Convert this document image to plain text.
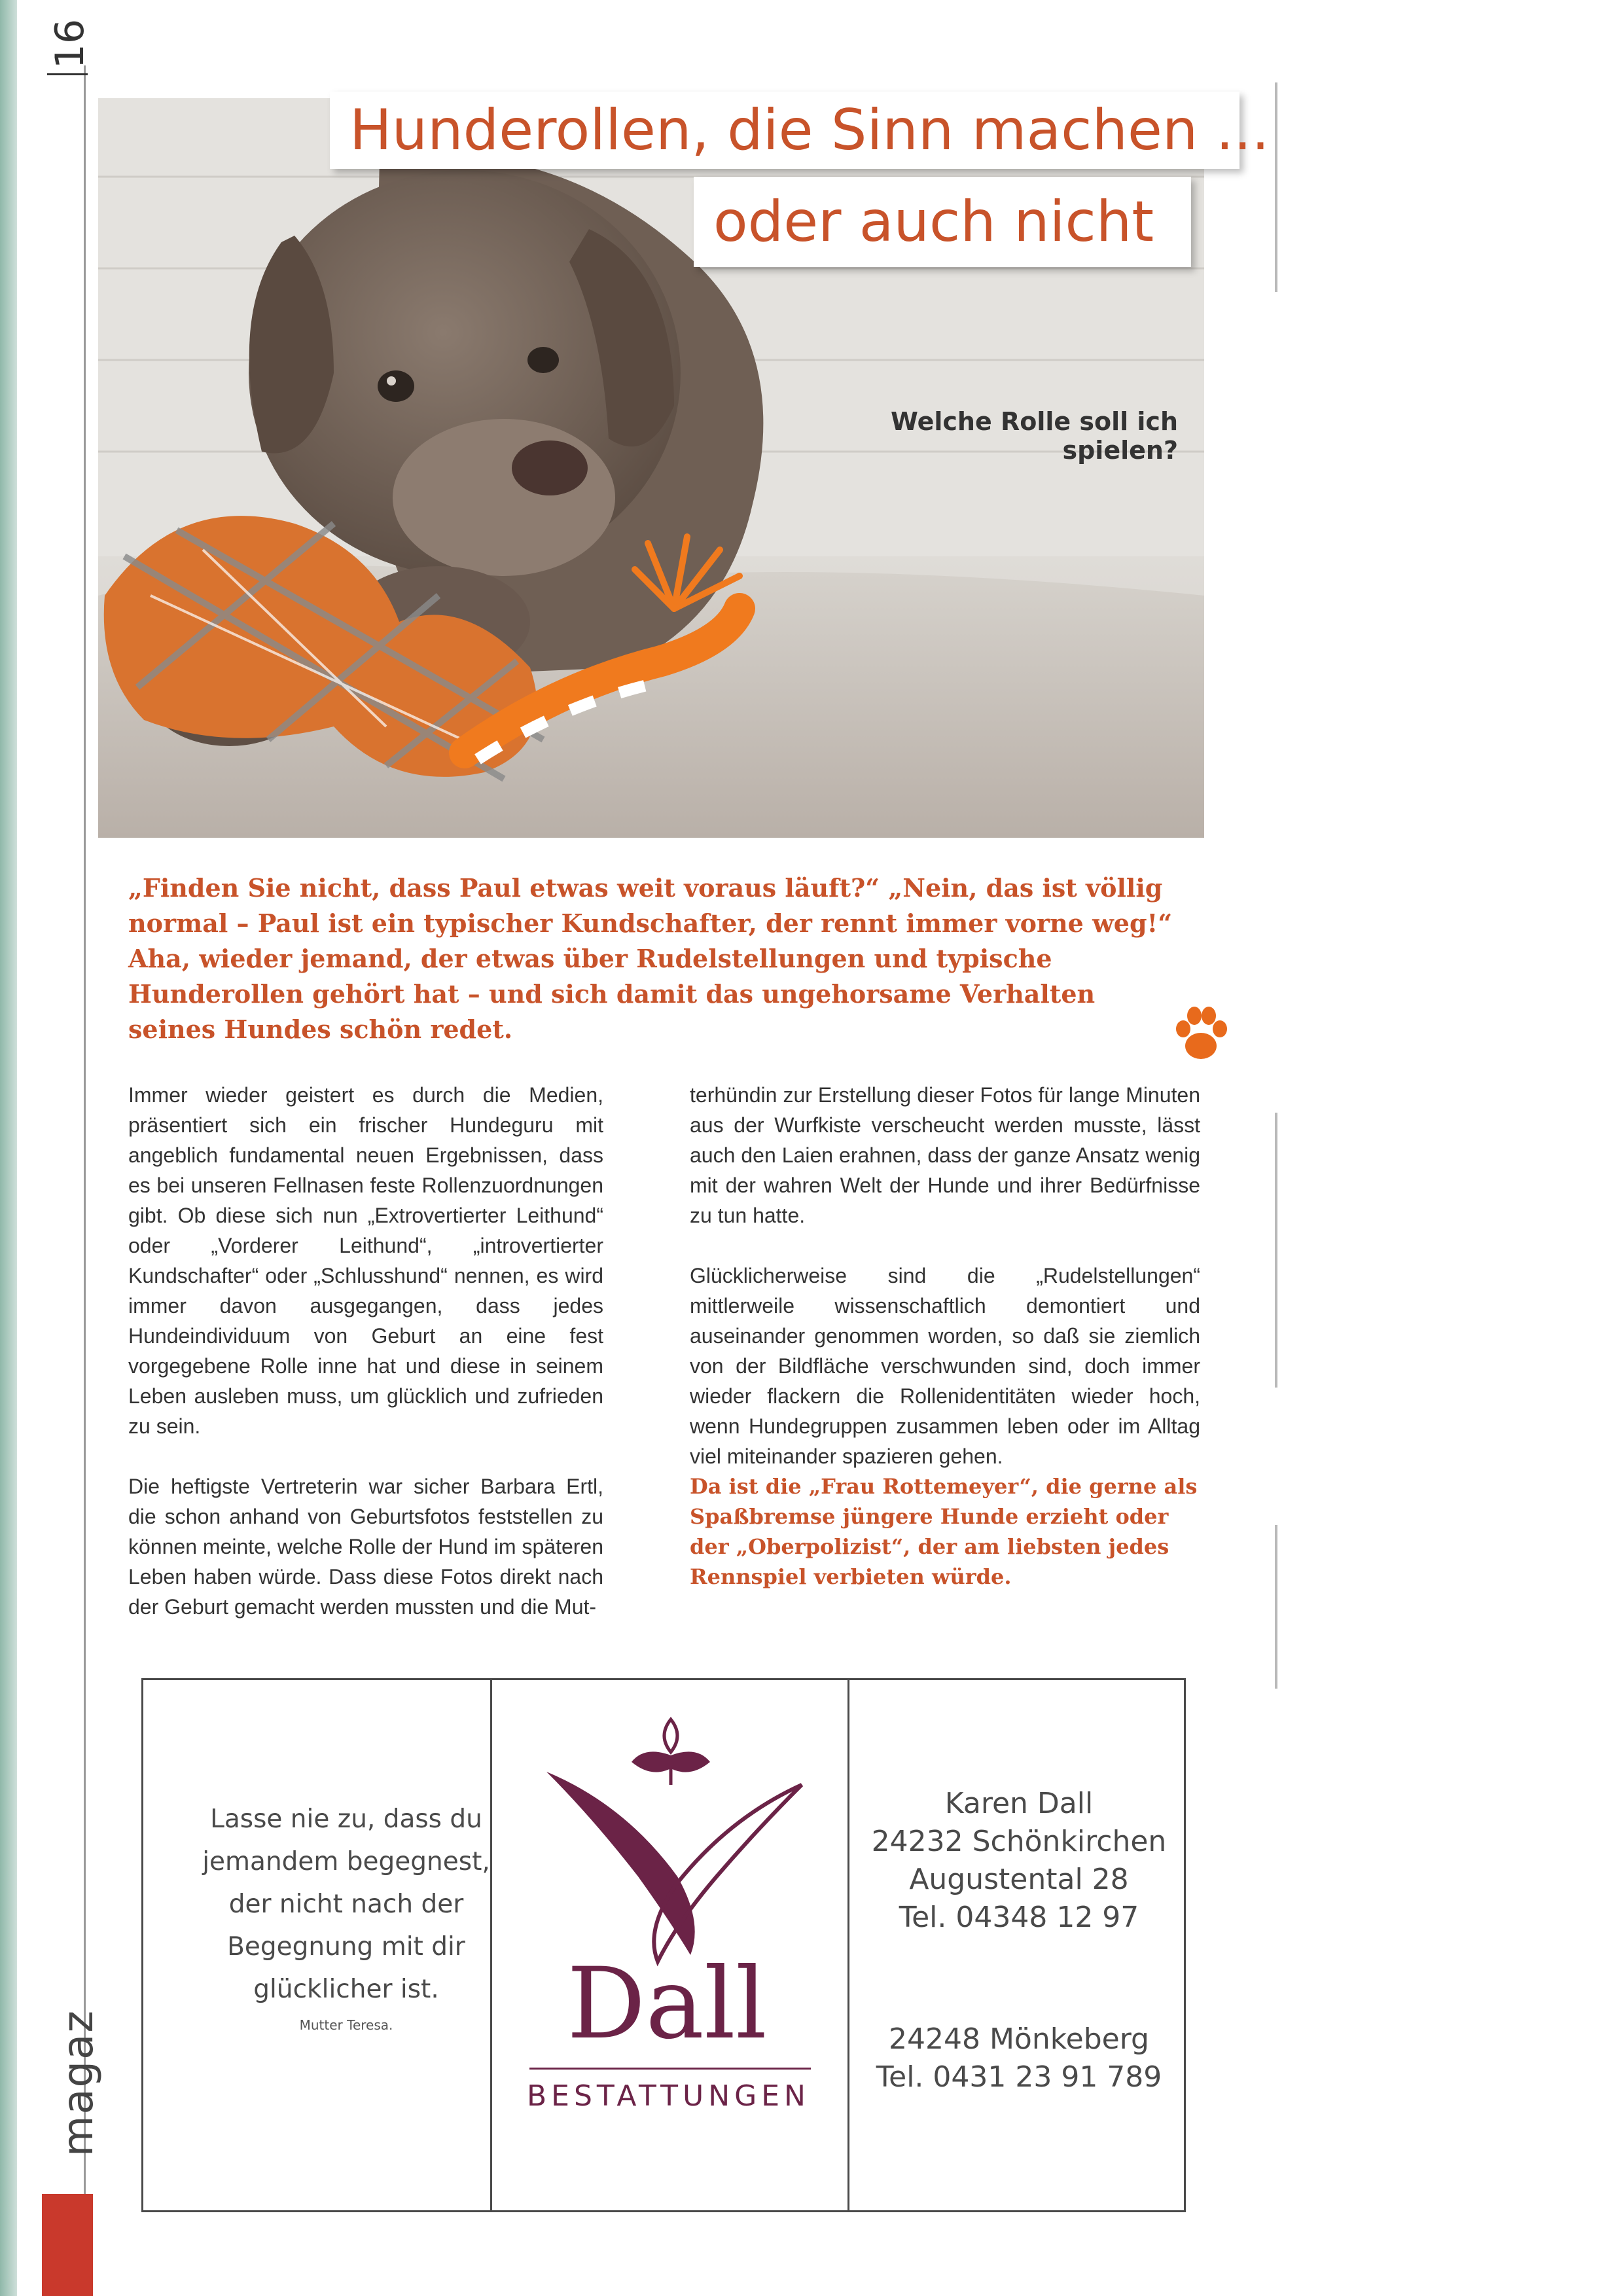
16
magaz
Hunderollen, die Sinn machen ...
oder auch nicht
Welche Rolle soll ich spielen?
„Finden Sie nicht, dass Paul etwas weit voraus läuft?“ „Nein, das ist völlig normal – Paul ist ein typischer Kundschafter, der rennt immer vorne weg!“ Aha, wieder jemand, der etwas über Rudelstellungen und typische Hunderollen gehört hat – und sich damit das ungehorsame Verhalten seines Hundes schön redet.

Immer wieder geistert es durch die Medien, präsentiert sich ein frischer Hundeguru mit angeblich fundamental neuen Ergebnissen, dass es bei unseren Fellnasen feste Rollenzuordnungen gibt. Ob diese sich nun „Extrovertierter Leithund“ oder „Vorderer Leithund“, „introvertierter Kundschafter“ oder „Schlusshund“ nennen, es wird immer davon ausgegangen, dass jedes Hundeindividuum von Geburt an eine fest vorgegebene Rolle inne hat und diese in seinem Leben ausleben muss, um glücklich und zufrieden zu sein.

Die heftigste Vertreterin war sicher Barbara Ertl, die schon anhand von Geburtsfotos feststellen zu können meinte, welche Rolle der Hund im späteren Leben haben würde. Dass diese Fotos direkt nach der Geburt gemacht werden mussten und die Mut-

terhündin zur Erstellung dieser Fotos für lange Minuten aus der Wurfkiste verscheucht werden musste, lässt auch den Laien erahnen, dass der ganze Ansatz wenig mit der wahren Welt der Hunde und ihrer Bedürfnisse zu tun hatte.

Glücklicherweise sind die „Rudelstellungen“ mittlerweile wissenschaftlich demontiert und auseinander genommen worden, so daß sie ziemlich von der Bildfläche verschwunden sind, doch immer wieder flackern die Rollenidentitäten wieder hoch, wenn Hundegruppen zusammen leben oder im Alltag viel miteinander spazieren gehen.

Da ist die „Frau Rottemeyer“, die gerne als Spaßbremse jüngere Hunde erzieht oder der „Oberpolizist“, der am liebsten jedes Rennspiel verbieten würde.

Lasse nie zu, dass du jemandem begegnest, der nicht nach der Begegnung mit dir glücklicher ist.
Mutter Teresa.	Dall
BESTATTUNGEN
Karen Dall
24232 Schönkirchen
Augustental 28
Tel. 04348 12 97
24248 Mönkeberg
Tel. 0431 23 91 789
